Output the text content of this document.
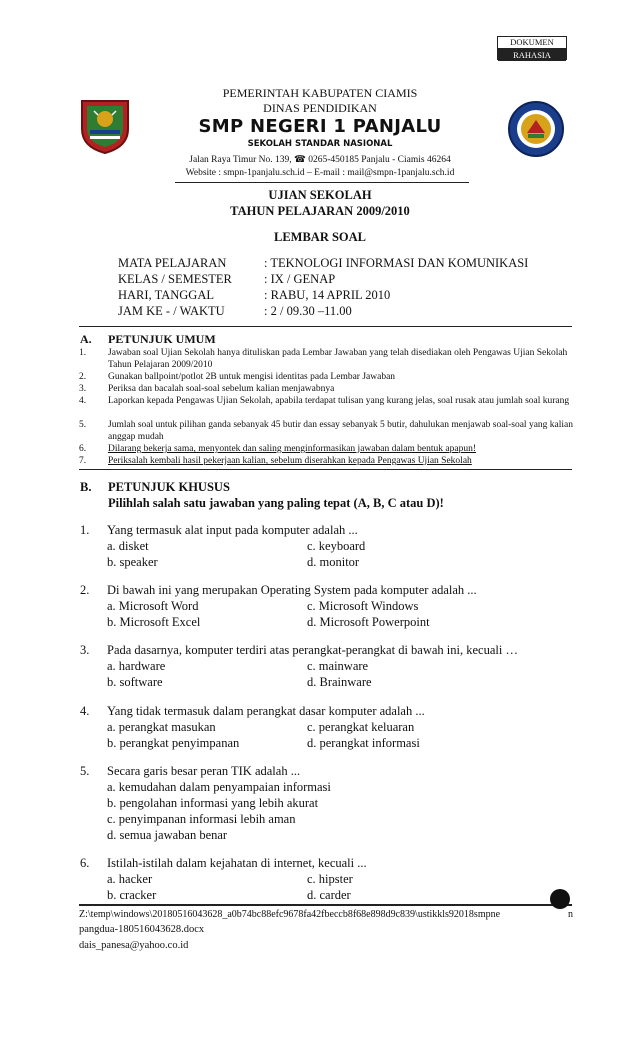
DOKUMEN
RAHASIA
PEMERINTAH KABUPATEN CIAMIS
DINAS PENDIDIKAN
SMP NEGERI 1 PANJALU
SEKOLAH STANDAR NASIONAL
Jalan Raya Timur No. 139, ☎ 0265-450185 Panjalu - Ciamis 46264
Website : smpn-1panjalu.sch.id – E-mail : mail@smpn-1panjalu.sch.id
UJIAN SEKOLAH
TAHUN PELAJARAN 2009/2010
LEMBAR SOAL
MATA PELAJARAN	: TEKNOLOGI INFORMASI DAN KOMUNIKASI
KELAS / SEMESTER	: IX / GENAP
HARI, TANGGAL	: RABU, 14 APRIL 2010
JAM KE - / WAKTU	: 2 / 09.30 –11.00
A. PETUNJUK UMUM
1. Jawaban soal Ujian Sekolah hanya dituliskan pada Lembar Jawaban yang telah disediakan oleh Pengawas Ujian Sekolah Tahun Pelajaran 2009/2010
2. Gunakan ballpoint/potlot 2B untuk mengisi identitas pada Lembar Jawaban
3. Periksa dan bacalah soal-soal sebelum kalian menjawabnya
4. Laporkan kepada Pengawas Ujian Sekolah, apabila terdapat tulisan yang kurang jelas, soal rusak atau jumlah soal kurang
5. Jumlah soal untuk pilihan ganda sebanyak 45 butir dan essay sebanyak 5 butir, dahulukan menjawab soal-soal yang kalian anggap mudah
6. Dilarang bekerja sama, menyontek dan saling menginformasikan jawaban dalam bentuk apapun!
7. Periksalah kembali hasil pekerjaan kalian, sebelum diserahkan kepada Pengawas Ujian Sekolah
B. PETUNJUK KHUSUS
Pilihlah salah satu jawaban yang paling tepat (A, B, C atau D)!
1. Yang termasuk alat input pada komputer adalah ...
a. disket	c. keyboard
b. speaker	d. monitor
2. Di bawah ini yang merupakan Operating System pada komputer adalah ...
a. Microsoft Word	c. Microsoft Windows
b. Microsoft Excel	d. Microsoft Powerpoint
3. Pada dasarnya, komputer terdiri atas perangkat-perangkat di bawah ini, kecuali …
a. hardware	c. mainware
b. software	d. Brainware
4. Yang tidak termasuk dalam perangkat dasar komputer adalah ...
a. perangkat masukan	c. perangkat keluaran
b. perangkat penyimpanan	d. perangkat informasi
5. Secara garis besar peran TIK adalah ...
a. kemudahan dalam penyampaian informasi
b. pengolahan informasi yang lebih akurat
c. penyimpanan informasi lebih aman
d. semua jawaban benar
6. Istilah-istilah dalam kejahatan di internet, kecuali ...
a. hacker	c. hipster
b. cracker	d. carder
Z:\temp\windows\20180516043628_a0b74bc88efc9678fa42fbeccb8f68e898d9c839\ustikkls92018smpne	n
pangdua-180516043628.docx
dais_panesa@yahoo.co.id
